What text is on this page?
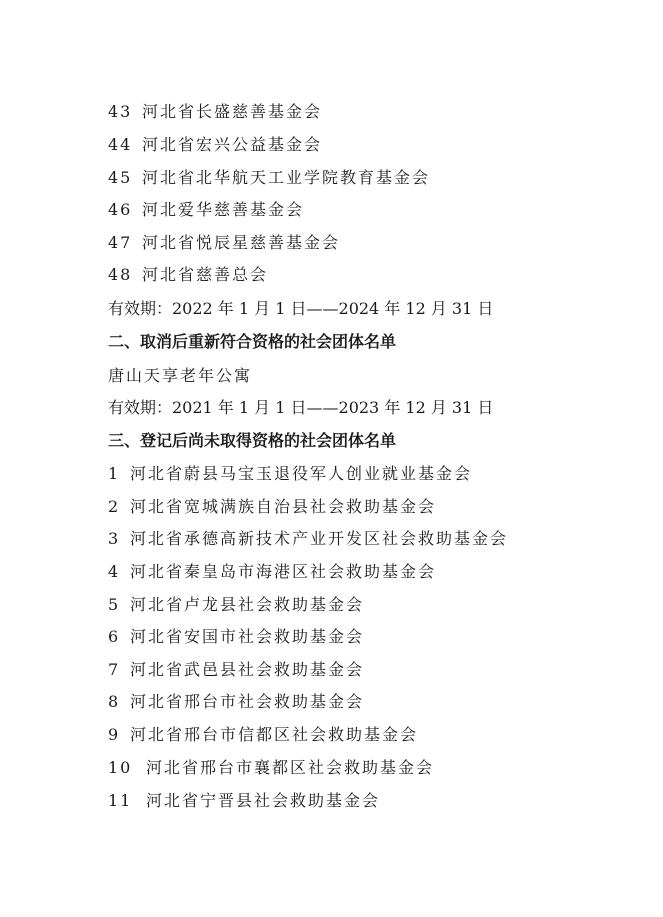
43 河北省长盛慈善基金会
44 河北省宏兴公益基金会
45 河北省北华航天工业学院教育基金会
46 河北爱华慈善基金会
47 河北省悦辰星慈善基金会
48 河北省慈善总会
有效期：2022 年 1 月 1 日——2024 年 12 月 31 日
二、取消后重新符合资格的社会团体名单
唐山天享老年公寓
有效期：2021 年 1 月 1 日——2023 年 12 月 31 日
三、登记后尚未取得资格的社会团体名单
1 河北省蔚县马宝玉退役军人创业就业基金会
2 河北省宽城满族自治县社会救助基金会
3 河北省承德高新技术产业开发区社会救助基金会
4 河北省秦皇岛市海港区社会救助基金会
5 河北省卢龙县社会救助基金会
6 河北省安国市社会救助基金会
7 河北省武邑县社会救助基金会
8 河北省邢台市社会救助基金会
9 河北省邢台市信都区社会救助基金会
10 河北省邢台市襄都区社会救助基金会
11 河北省宁晋县社会救助基金会
